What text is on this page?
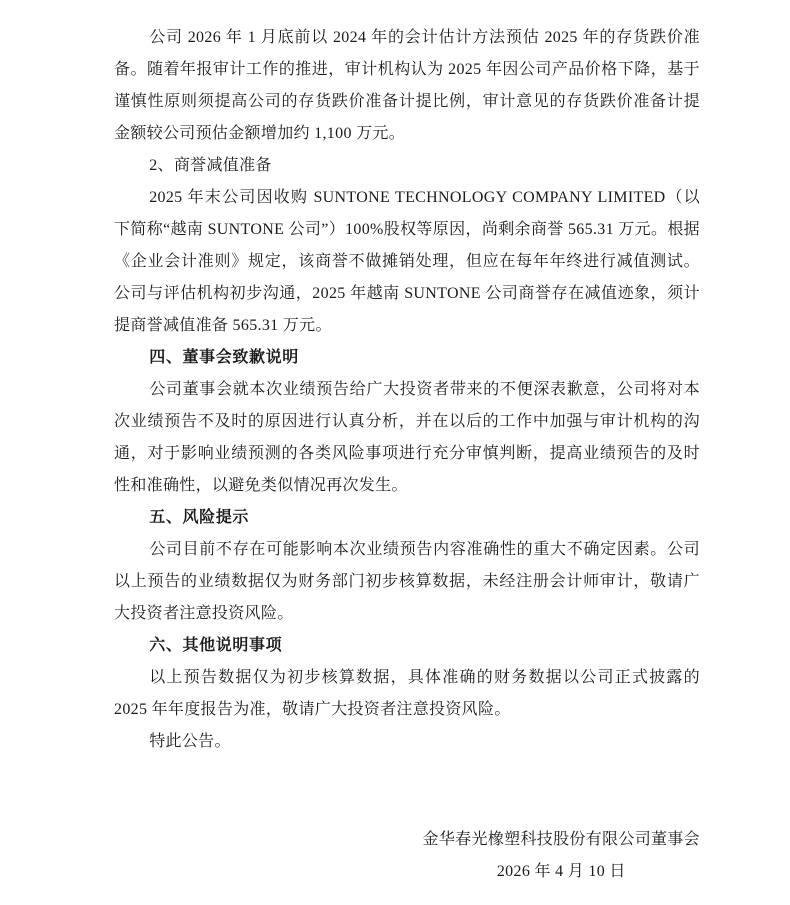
公司 2026 年 1 月底前以 2024 年的会计估计方法预估 2025 年的存货跌价准备。随着年报审计工作的推进，审计机构认为 2025 年因公司产品价格下降，基于谨慎性原则须提高公司的存货跌价准备计提比例，审计意见的存货跌价准备计提金额较公司预估金额增加约 1,100 万元。

2、商誉减值准备

2025 年末公司因收购 SUNTONE TECHNOLOGY COMPANY LIMITED（以下简称“越南 SUNTONE 公司”）100%股权等原因，尚剩余商誉 565.31 万元。根据《企业会计准则》规定，该商誉不做摊销处理，但应在每年年终进行减值测试。公司与评估机构初步沟通，2025 年越南 SUNTONE 公司商誉存在减值迹象，须计提商誉减值准备 565.31 万元。

四、董事会致歉说明

公司董事会就本次业绩预告给广大投资者带来的不便深表歉意，公司将对本次业绩预告不及时的原因进行认真分析，并在以后的工作中加强与审计机构的沟通，对于影响业绩预测的各类风险事项进行充分审慎判断，提高业绩预告的及时性和准确性，以避免类似情况再次发生。

五、风险提示

公司目前不存在可能影响本次业绩预告内容准确性的重大不确定因素。公司以上预告的业绩数据仅为财务部门初步核算数据，未经注册会计师审计，敬请广大投资者注意投资风险。

六、其他说明事项

以上预告数据仅为初步核算数据，具体准确的财务数据以公司正式披露的 2025 年年度报告为准，敬请广大投资者注意投资风险。

特此公告。

金华春光橡塑科技股份有限公司董事会

2026 年 4 月 10 日
